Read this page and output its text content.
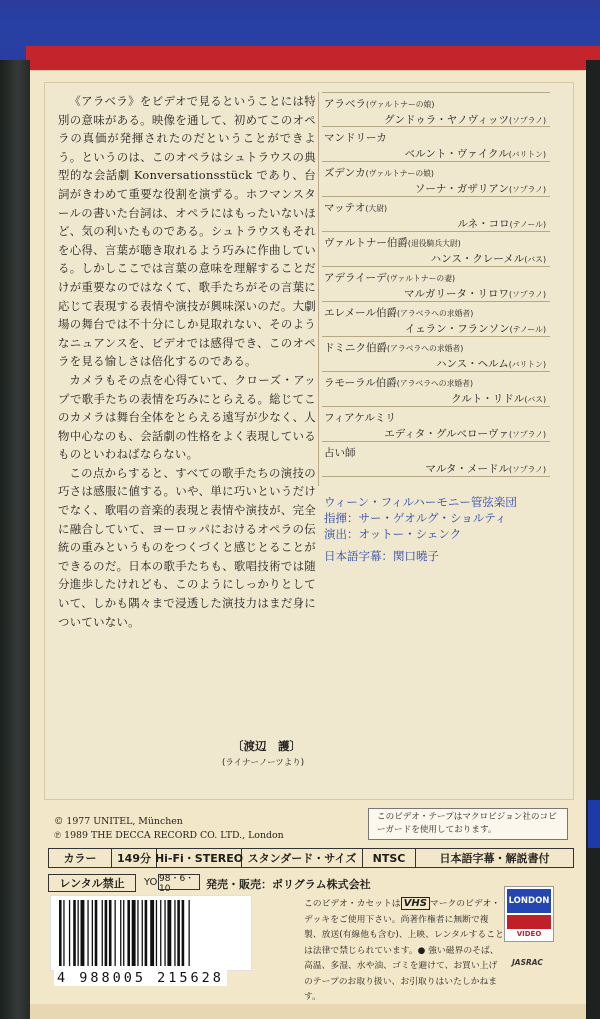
《アラベラ》をビデオで見るということには特別の意味がある。映像を通して、初めてこのオペラの真価が発揮されたのだということができよう。というのは、このオペラはシュトラウスの典型的な会話劇 Konversationsstück であり、台詞がきわめて重要な役割を演ずる。ホフマンスタールの書いた台詞は、オペラにはもったいないほど、気の利いたものである。シュトラウスもそれを心得、言葉が聴き取れるよう巧みに作曲している。しかしここでは言葉の意味を理解することだけが重要なのではなくて、歌手たちがその言葉に応じて表現する表情や演技が興味深いのだ。大劇場の舞台では不十分にしか見取れない、そのようなニュアンスを、ビデオでは感得でき、このオペラを見る愉しさは倍化するのである。

カメラもその点を心得ていて、クローズ・アップで歌手たちの表情を巧みにとらえる。総じてこのカメラは舞台全体をとらえる遠写が少なく、人物中心なのも、会話劇の性格をよく表現しているものといわねばならない。

この点からすると、すべての歌手たちの演技の巧さは感服に値する。いや、単に巧いというだけでなく、歌唱の音楽的表現と表情や演技が、完全に融合していて、ヨーロッパにおけるオペラの伝統の重みというものをつくづくと感じとることができるのだ。日本の歌手たちも、歌唱技術では随分進歩したけれども、このようにしっかりとしていて、しかも隅々まで浸透した演技力はまだ身についていない。

〔渡辺　護〕
(ライナーノーツより)
アラベラ(ヴァルトナーの娘)
グンドゥラ・ヤノヴィッツ(ソプラノ)
マンドリーカ
ベルント・ヴァイクル(バリトン)
ズデンカ(ヴァルトナーの娘)
ソーナ・ガザリアン(ソプラノ)
マッテオ(大尉)
ルネ・コロ(テノール)
ヴァルトナー伯爵(退役騎兵大尉)
ハンス・クレーメル(バス)
アデライーデ(ヴァルトナーの妻)
マルガリータ・リロワ(ソプラノ)
エレメール伯爵(アラベラへの求婚者)
イェラン・フランソン(テノール)
ドミニク伯爵(アラベラへの求婚者)
ハンス・ヘルム(バリトン)
ラモーラル伯爵(アラベラへの求婚者)
クルト・リドル(バス)
フィアケルミリ
エディタ・グルベローヴァ(ソプラノ)
占い師
マルタ・メードル(ソプラノ)
ウィーン・フィルハーモニー管弦楽団
指揮：サー・ゲオルグ・ショルティ
演出：オットー・シェンク
日本語字幕：関口曉子
© 1977 UNITEL, München
℗ 1989 THE DECCA RECORD CO. LTD., London
このビデオ・テープはマクロビジョン社のコピーガードを使用しております。
カラー	149分 Hi-Fi・STEREO スタンダード・サイズ	NTSC	日本語字幕・解説書付
レンタル禁止	YO 98・6・10	発売・販売：ポリグラム株式会社
4 988005 215628
このビデオ・カセットは VHS マークのビデオ・デッキをご使用下さい。尚著作権者に無断で複製、放送(有線他も含む)、上映、レンタルすることは法律で禁じられています。● 強い磁界のそば、高温、多湿、水や油、ゴミを避けて、お買い上げのテープのお取り扱い、お引取りはいたしかねます。
LONDON
VIDEO
JASRAC
